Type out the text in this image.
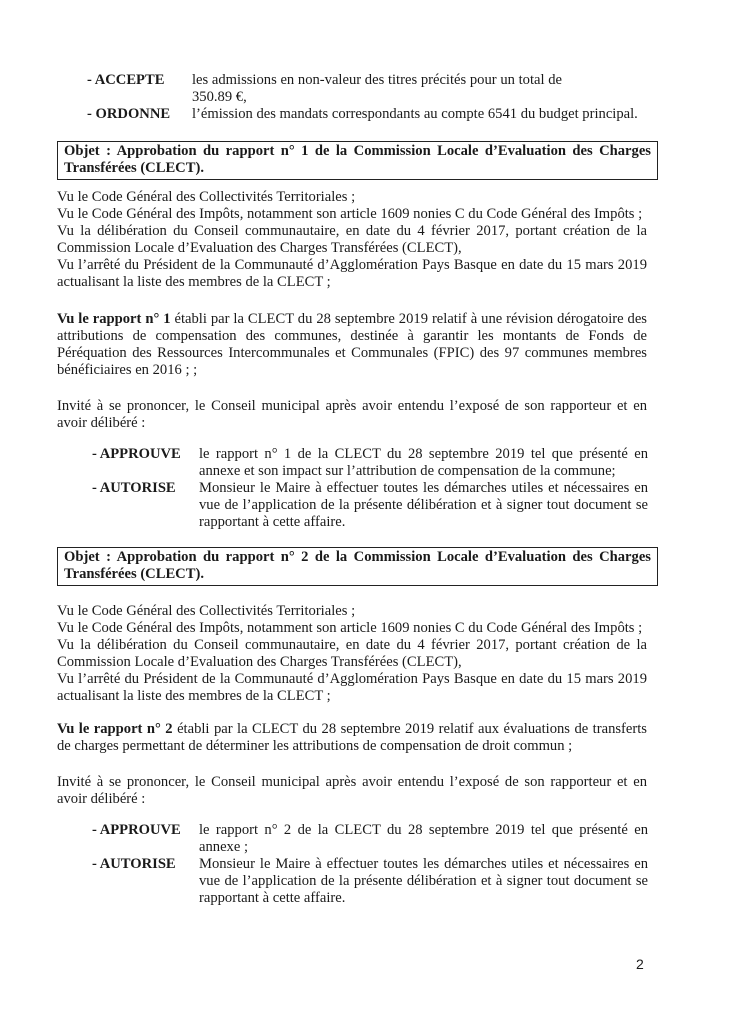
- ACCEPTE les admissions en non-valeur des titres précités pour un total de 350.89 €,
- ORDONNE l’émission des mandats correspondants au compte 6541 du budget principal.
Objet : Approbation du rapport n° 1 de la Commission Locale d’Evaluation des Charges Transférées (CLECT).

Vu le Code Général des Collectivités Territoriales ;

Vu le Code Général des Impôts, notamment son article 1609 nonies C du Code Général des Impôts ;

Vu la délibération du Conseil communautaire, en date du 4 février 2017, portant création de la Commission Locale d’Evaluation des Charges Transférées (CLECT),

Vu l’arrêté du Président de la Communauté d’Agglomération Pays Basque en date du 15 mars 2019 actualisant la liste des membres de la CLECT ;

Vu le rapport n° 1 établi par la CLECT du 28 septembre 2019 relatif à une révision dérogatoire des attributions de compensation des communes, destinée à garantir les montants de Fonds de Péréquation des Ressources Intercommunales et Communales (FPIC) des 97 communes membres bénéficiaires en 2016 ; ;

Invité à se prononcer, le Conseil municipal après avoir entendu l’exposé de son rapporteur et en avoir délibéré :
- APPROUVE le rapport n° 1 de la CLECT du 28 septembre 2019 tel que présenté en annexe et son impact sur l’attribution de compensation de la commune;
- AUTORISE Monsieur le Maire à effectuer toutes les démarches utiles et nécessaires en vue de l’application de la présente délibération et à signer tout document se rapportant à cette affaire.
Objet : Approbation du rapport n° 2 de la Commission Locale d’Evaluation des Charges Transférées (CLECT).

Vu le Code Général des Collectivités Territoriales ;

Vu le Code Général des Impôts, notamment son article 1609 nonies C du Code Général des Impôts ;

Vu la délibération du Conseil communautaire, en date du 4 février 2017, portant création de la Commission Locale d’Evaluation des Charges Transférées (CLECT),

Vu l’arrêté du Président de la Communauté d’Agglomération Pays Basque en date du 15 mars 2019 actualisant la liste des membres de la CLECT ;

Vu le rapport n° 2 établi par la CLECT du 28 septembre 2019 relatif aux évaluations de transferts de charges permettant de déterminer les attributions de compensation de droit commun ;

Invité à se prononcer, le Conseil municipal après avoir entendu l’exposé de son rapporteur et en avoir délibéré :
- APPROUVE le rapport n° 2 de la CLECT du 28 septembre 2019 tel que présenté en annexe ;
- AUTORISE Monsieur le Maire à effectuer toutes les démarches utiles et nécessaires en vue de l’application de la présente délibération et à signer tout document se rapportant à cette affaire.
2
